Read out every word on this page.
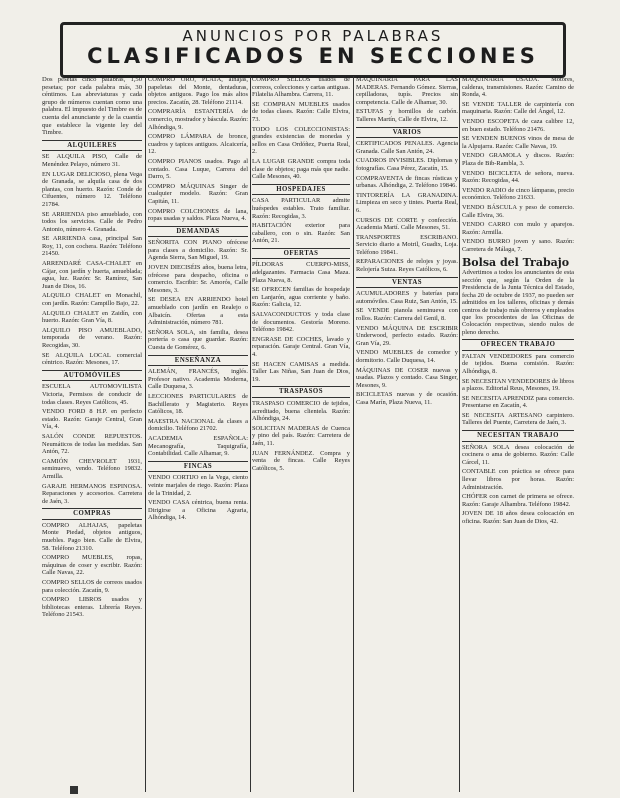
ANUNCIOS POR PALABRAS
CLASIFICADOS EN SECCIONES

Dos pesetas cinco palabras, 1,50 pesetas; por cada palabra más, 30 céntimos. Las abreviaturas y cada grupo de números cuentan como una palabra. El impuesto del Timbre es de cuenta del anunciante y de la cuantía que establece la vigente ley del Timbre.

ALQUILERES

SE ALQUILA PISO, Calle de Menéndez Pelayo, número 31.

EN LUGAR DELICIOSO, plena Vega de Granada, se alquila casa de dos plantas, con huerto. Razón: Conde de Cifuentes, número 12. Teléfono 21784.

SE ARRIENDA piso amueblado, con todos los servicios. Calle de Pedro Antonio, número 4. Granada.

SE ARRIENDA casa, principal San Roy, 11, con cochera. Razón: Teléfono 21450.

ARRENDARÉ CASA-CHALET en Cájar, con jardín y huerta, amueblada; agua, luz. Razón: Sr. Ramírez, San Juan de Dios, 16.

ALQUILO CHALET en Monachil, con jardín. Razón: Campillo Bajo, 22.

ALQUILO CHALET en Zaidín, con huerto. Razón: Gran Vía, 8.

ALQUILO PISO AMUEBLADO, temporada de verano. Razón: Recogidas, 30.

SE ALQUILA LOCAL comercial céntrico. Razón: Mesones, 17.

AUTOMÓVILES

ESCUELA AUTOMOVILISTA Victoria, Permisos de conducir de todas clases. Reyes Católicos, 45.

VENDO FORD 8 H.P. en perfecto estado. Razón: Garaje Central, Gran Vía, 4.

SALÓN CONDE REPUESTOS. Neumáticos de todas las medidas. San Antón, 72.

CAMIÓN CHEVROLET 1931, seminuevo, vendo. Teléfono 19832. Armilla.

GARAJE HERMANOS ESPINOSA. Reparaciones y accesorios. Carretera de Jaén, 3.

COMPRAS

COMPRO ALHAJAS, papeletas Monte Piedad, objetos antiguos, muebles. Pago bien. Calle de Elvira, 58. Teléfono 21310.

COMPRO MUEBLES, ropas, máquinas de coser y escribir. Razón: Calle Navas, 22.

COMPRO SELLOS de correos usados para colección. Zacatín, 9.

COMPRO LIBROS usados y bibliotecas enteras. Librería Reyes. Teléfono 21543.

COMPRO ORO, PLATA, alhajas, papeletas del Monte, dentaduras, objetos antiguos. Pago los más altos precios. Zacatín, 28. Teléfono 21114.

COMPRARÍA ESTANTERÍA de comercio, mostrador y báscula. Razón: Alhóndiga, 9.

COMPRO LÁMPARA de bronce, cuadros y tapices antiguos. Alcaicería, 12.

COMPRO PIANOS usados. Pago al contado. Casa Luque, Carrera del Darro, 5.

COMPRO MÁQUINAS Singer de cualquier modelo. Razón: Gran Capitán, 11.

COMPRO COLCHONES de lana, ropas usadas y saldos. Plaza Nueva, 4.

DEMANDAS

SEÑORITA CON PIANO ofrécese para clases a domicilio. Razón: Sr. Agenda Sierra, San Miguel, 19.

JOVEN DIECISÉIS años, buena letra, ofrécese para despacho, oficina o comercio. Escribir: Sr. Amorós, Calle Mesones, 3.

SE DESEA EN ARRIENDO hotel amueblado con jardín en Realejo o Albaicín. Ofertas a esta Administración, número 781.

SEÑORA SOLA, sin familia, desea portería o casa que guardar. Razón: Cuesta de Gomérez, 6.

ENSEÑANZA

ALEMÁN, FRANCÉS, inglés. Profesor nativo. Academia Moderna, Calle Duquesa, 3.

LECCIONES PARTICULARES de Bachillerato y Magisterio. Reyes Católicos, 18.

MAESTRA NACIONAL da clases a domicilio. Teléfono 21702.

ACADEMIA ESPAÑOLA: Mecanografía, Taquigrafía, Contabilidad. Calle Alhamar, 9.

FINCAS

VENDO CORTIJO en la Vega, ciento veinte marjales de riego. Razón: Plaza de la Trinidad, 2.

VENDO CASA céntrica, buena renta. Dirigirse a Oficina Agraria, Alhóndiga, 14.

COMPRO SELLOS usados de correos, colecciones y cartas antiguas. Filatelia Alhambra. Carrera, 11.

SE COMPRAN MUEBLES usados de todas clases. Razón: Calle Elvira, 73.

TODO LOS COLECCIONISTAS: grandes existencias de monedas y sellos en Casa Ordóñez, Puerta Real, 2.

LA LUGAR GRANDE compra toda clase de objetos; paga más que nadie. Calle Mesones, 40.

HOSPEDAJES

CASA PARTICULAR admite huéspedes estables. Trato familiar. Razón: Recogidas, 3.

HABITACIÓN exterior para caballero, con o sin. Razón: San Antón, 21.

OFERTAS

PÍLDORAS CUERPO-MISS, adelgazantes. Farmacia Casa Maza. Plaza Nueva, 8.

SE OFRECEN familias de hospedaje en Lanjarón, agua corriente y baño. Razón: Galicia, 12.

SALVACONDUCTOS y toda clase de documentos. Gestoría Moreno. Teléfono 19842.

ENGRASE DE COCHES, lavado y reparación. Garaje Central. Gran Vía, 4.

SE HACEN CAMISAS a medida. Taller Las Niñas, San Juan de Dios, 19.

TRASPASOS

TRASPASO COMERCIO de tejidos, acreditado, buena clientela. Razón: Alhóndiga, 24.

SOLICITAN MADERAS de Cuenca y pino del país. Razón: Carretera de Jaén, 11.

JUAN FERNÁNDEZ. Compra y venta de fincas. Calle Reyes Católicos, 5.

MAQUINARIA PARA LAS MADERAS. Fernando Gómez. Sierras, cepilladoras, tupís. Precios sin competencia. Calle de Alhamar, 30.

ESTUFAS y hornillos de carbón. Talleres Martín, Calle de Elvira, 12.

VARIOS

CERTIFICADOS PENALES. Agencia Granada. Calle San Antón, 24.

CUADROS INVISIBLES. Diplomas y fotografías. Casa Pérez, Zacatín, 15.

COMPRAVENTA de fincas rústicas y urbanas. Alhóndiga, 2. Teléfono 19846.

TINTORERÍA LA GRANADINA. Limpieza en seco y tintes. Puerta Real, 6.

CURSOS DE CORTE y confección. Academia Martí. Calle Mesones, 51.

TRANSPORTES ESCRIBANO. Servicio diario a Motril, Guadix, Loja. Teléfono 19841.

REPARACIONES de relojes y joyas. Relojería Suiza. Reyes Católicos, 6.

VENTAS

ACUMULADORES y baterías para automóviles. Casa Ruiz, San Antón, 15.

SE VENDE pianola seminueva con rollos. Razón: Carrera del Genil, 8.

VENDO MÁQUINA DE ESCRIBIR Underwood, perfecto estado. Razón: Gran Vía, 29.

VENDO MUEBLES de comedor y dormitorio. Calle Duquesa, 14.

MÁQUINAS DE COSER nuevas y usadas. Plazos y contado. Casa Singer, Mesones, 9.

BICICLETAS nuevas y de ocasión. Casa Marín, Plaza Nueva, 11.

MAQUINARIA USADA. Motores, calderas, transmisiones. Razón: Camino de Ronda, 4.

SE VENDE TALLER de carpintería con maquinaria. Razón: Calle del Ángel, 12.

VENDO ESCOPETA de caza calibre 12, en buen estado. Teléfono 21476.

SE VENDEN BUENOS vinos de mesa de la Alpujarra. Razón: Calle Navas, 19.

VENDO GRAMOLA y discos. Razón: Plaza de Bib-Rambla, 3.

VENDO BICICLETA de señora, nueva. Razón: Recogidas, 44.

VENDO RADIO de cinco lámparas, precio económico. Teléfono 21633.

VENDO BÁSCULA y peso de comercio. Calle Elvira, 36.

VENDO CARRO con mulo y aparejos. Razón: Armilla.

VENDO BURRO joven y sano. Razón: Carretera de Málaga, 7.

Bolsa del Trabajo

Advertimos a todos los anunciantes de esta sección que, según la Orden de la Presidencia de la Junta Técnica del Estado, fecha 20 de octubre de 1937, no pueden ser admitidos en los talleres, oficinas y demás centros de trabajo más obreros y empleados que los procedentes de las Oficinas de Colocación respectivas, siendo nulos de pleno derecho.

OFRECEN TRABAJO

FALTAN VENDEDORES para comercio de tejidos. Buena comisión. Razón: Alhóndiga, 8.

SE NECESITAN VENDEDORES de libros a plazos. Editorial Reus, Mesones, 19.

SE NECESITA APRENDIZ para comercio. Presentarse en Zacatín, 4.

SE NECESITA ARTESANO carpintero. Talleres del Puente, Carretera de Jaén, 3.

NECESITAN TRABAJO

SEÑORA SOLA desea colocación de cocinera o ama de gobierno. Razón: Calle Cárcel, 11.

CONTABLE con práctica se ofrece para llevar libros por horas. Razón: Administración.

CHÓFER con carnet de primera se ofrece. Razón: Garaje Alhambra. Teléfono 19842.

JOVEN DE 18 años desea colocación en oficina. Razón: San Juan de Dios, 42.
